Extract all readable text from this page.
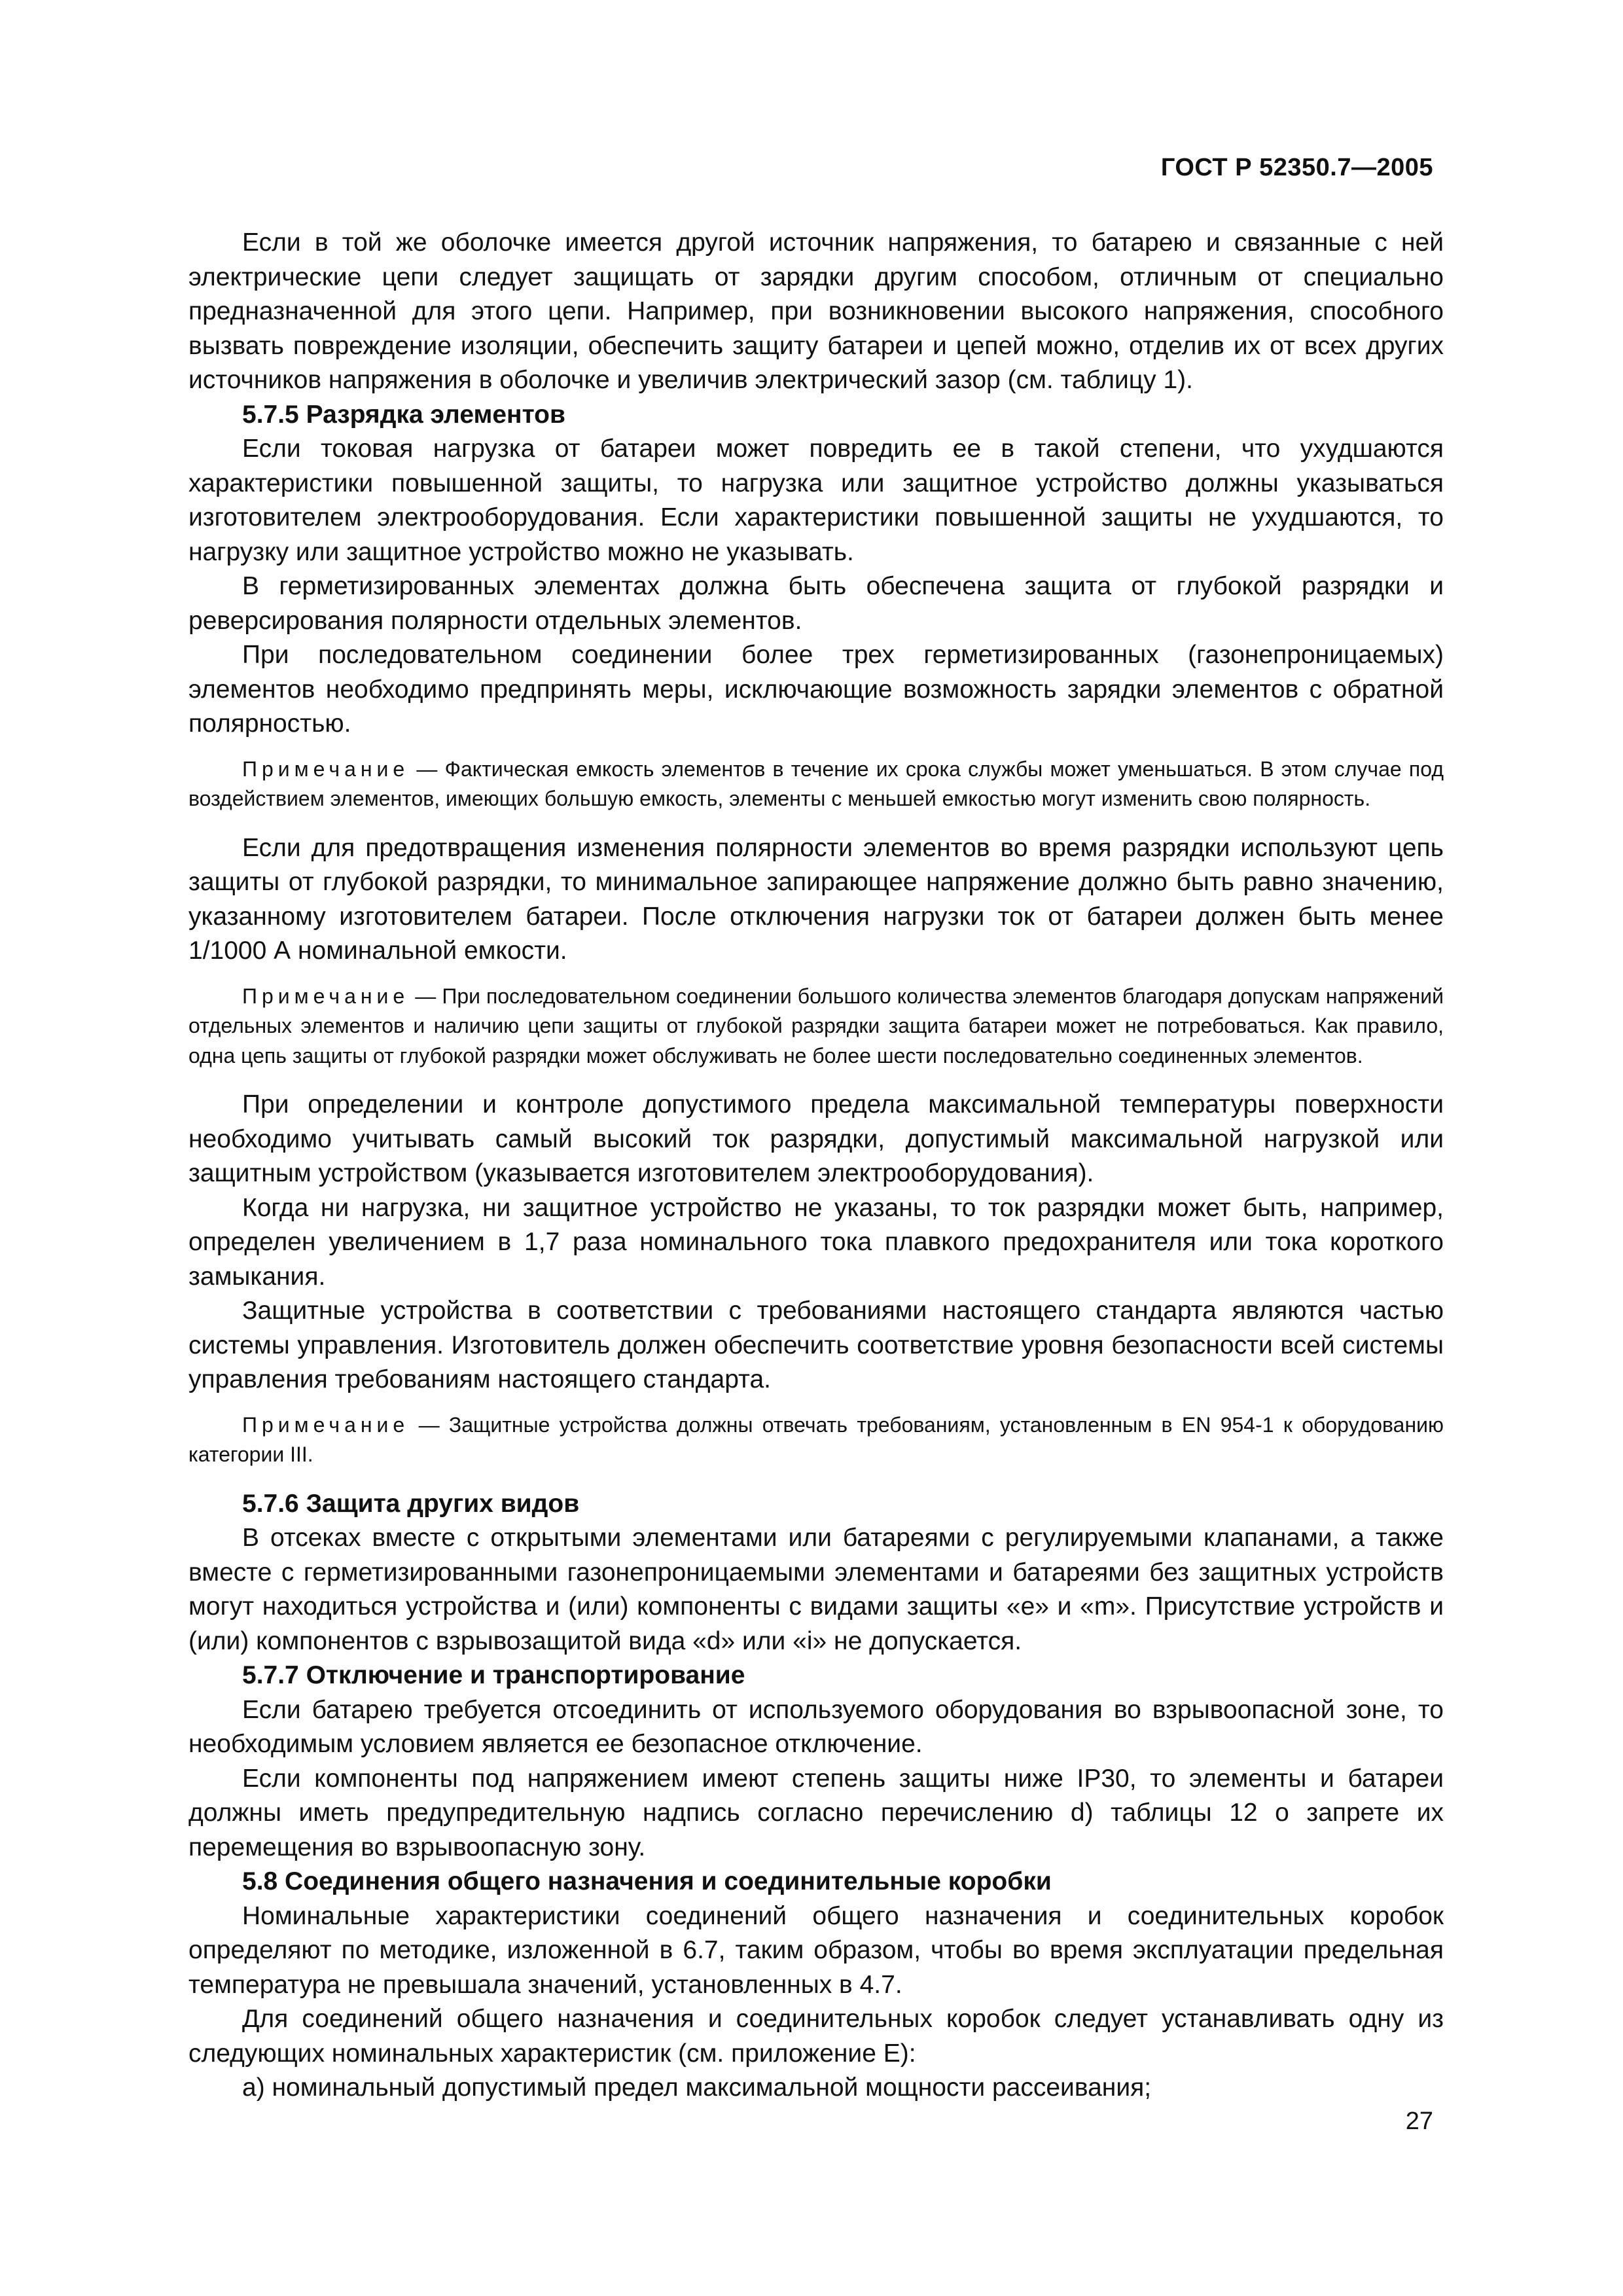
ГОСТ Р 52350.7—2005

Если в той же оболочке имеется другой источник напряжения, то батарею и связанные с ней электрические цепи следует защищать от зарядки другим способом, отличным от специально предназначенной для этого цепи. Например, при возникновении высокого напряжения, способного вызвать повреждение изоляции, обеспечить защиту батареи и цепей можно, отделив их от всех других источников напряжения в оболочке и увеличив электрический зазор (см. таблицу 1).

5.7.5 Разрядка элементов

Если токовая нагрузка от батареи может повредить ее в такой степени, что ухудшаются характеристики повышенной защиты, то нагрузка или защитное устройство должны указываться изготовителем электрооборудования. Если характеристики повышенной защиты не ухудшаются, то нагрузку или защитное устройство можно не указывать.

В герметизированных элементах должна быть обеспечена защита от глубокой разрядки и реверсирования полярности отдельных элементов.

При последовательном соединении более трех герметизированных (газонепроницаемых) элементов необходимо предпринять меры, исключающие возможность зарядки элементов с обратной полярностью.

Примечание — Фактическая емкость элементов в течение их срока службы может уменьшаться. В этом случае под воздействием элементов, имеющих большую емкость, элементы с меньшей емкостью могут изменить свою полярность.

Если для предотвращения изменения полярности элементов во время разрядки используют цепь защиты от глубокой разрядки, то минимальное запирающее напряжение должно быть равно значению, указанному изготовителем батареи. После отключения нагрузки ток от батареи должен быть менее 1/1000 А номинальной емкости.

Примечание — При последовательном соединении большого количества элементов благодаря допускам напряжений отдельных элементов и наличию цепи защиты от глубокой разрядки защита батареи может не потребоваться. Как правило, одна цепь защиты от глубокой разрядки может обслуживать не более шести последовательно соединенных элементов.

При определении и контроле допустимого предела максимальной температуры поверхности необходимо учитывать самый высокий ток разрядки, допустимый максимальной нагрузкой или защитным устройством (указывается изготовителем электрооборудования).

Когда ни нагрузка, ни защитное устройство не указаны, то ток разрядки может быть, например, определен увеличением в 1,7 раза номинального тока плавкого предохранителя или тока короткого замыкания.

Защитные устройства в соответствии с требованиями настоящего стандарта являются частью системы управления. Изготовитель должен обеспечить соответствие уровня безопасности всей системы управления требованиям настоящего стандарта.

Примечание — Защитные устройства должны отвечать требованиям, установленным в EN 954-1 к оборудованию категории III.

5.7.6 Защита других видов

В отсеках вместе с открытыми элементами или батареями с регулируемыми клапанами, а также вместе с герметизированными газонепроницаемыми элементами и батареями без защитных устройств могут находиться устройства и (или) компоненты с видами защиты «е» и «m». Присутствие устройств и (или) компонентов с взрывозащитой вида «d» или «i» не допускается.

5.7.7 Отключение и транспортирование

Если батарею требуется отсоединить от используемого оборудования во взрывоопасной зоне, то необходимым условием является ее безопасное отключение.

Если компоненты под напряжением имеют степень защиты ниже IP30, то элементы и батареи должны иметь предупредительную надпись согласно перечислению d) таблицы 12 о запрете их перемещения во взрывоопасную зону.

5.8 Соединения общего назначения и соединительные коробки

Номинальные характеристики соединений общего назначения и соединительных коробок определяют по методике, изложенной в 6.7, таким образом, чтобы во время эксплуатации предельная температура не превышала значений, установленных в 4.7.

Для соединений общего назначения и соединительных коробок следует устанавливать одну из следующих номинальных характеристик (см. приложение Е):

а) номинальный допустимый предел максимальной мощности рассеивания;

27
